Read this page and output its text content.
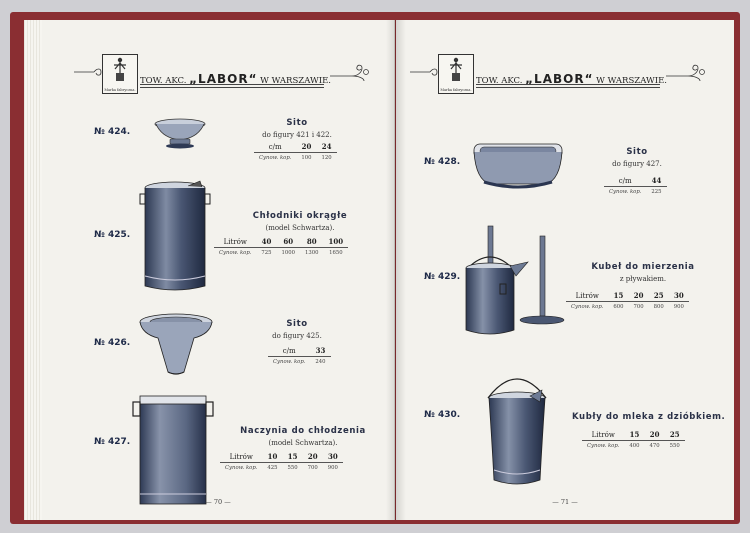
Marka fabryczna.
TOW. AKC. „LABOR“ W WARSZAWIE.
№ 424.
Sito
do figury 421 i 422.
c/m	20	24
Cynow. kop.	100	120
№ 425.
Chłodniki okrągłe
(model Schwartza).
Litrów	40	60	80	100
Cynow. kop.	725	1000	1300	1650
№ 426.
Sito
do figury 425.
c/m	33
Cynow. kop.	240
№ 427.
Naczynia do chłodzenia
(model Schwartza).
Litrów	10	15	20	30
Cynow. kop.	425	550	700	900
— 70 —
Marka fabryczna.
TOW. AKC. „LABOR“ W WARSZAWIE.
№ 428.
Sito
do figury 427.
c/m	44
Cynow. kop.	225
№ 429.
Kubeł do mierzenia
z pływakiem.
Litrów	15	20	25	30
Cynow. kop.	600	700	800	900
№ 430.	Kubły do mleka z dzióbkiem.
Litrów	15	20	25
Cynow. kop.	400	470	550
— 71 —
